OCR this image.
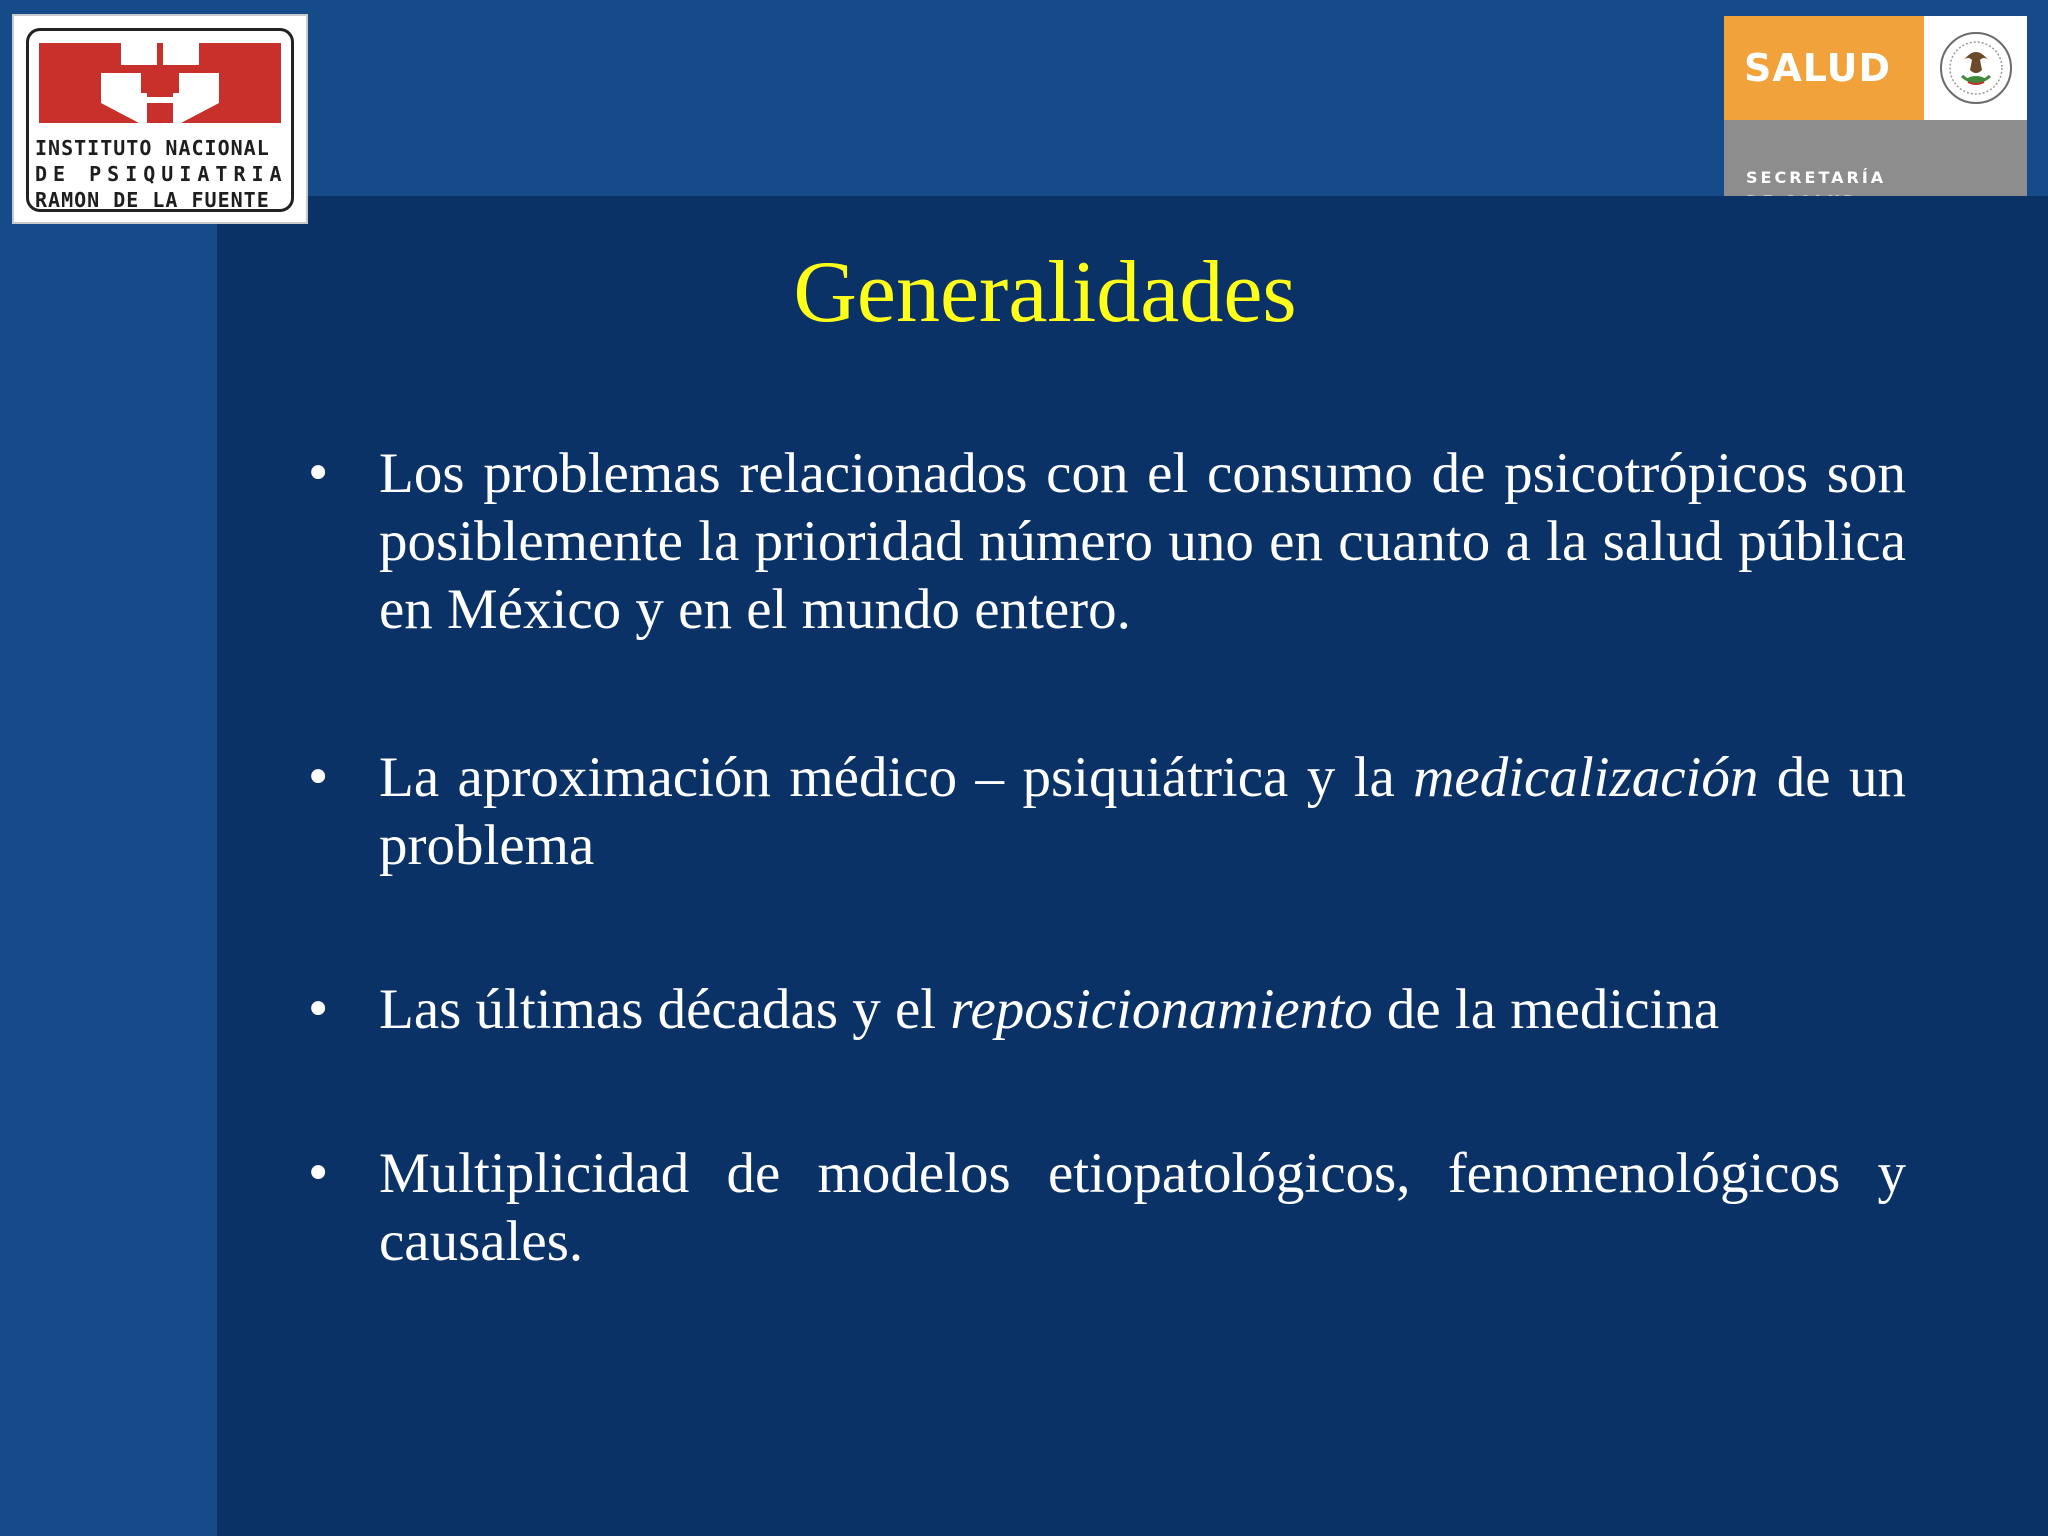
SALUD
SECRETARÍA
INSTITUTO NACIONAL
DE PSIQUIATRIA
RAMON DE LA FUENTE
Generalidades
• Los problemas relacionados con el consumo de psicotrópicos son posiblemente la prioridad número uno en cuanto a la salud pública en México y en el mundo entero.
• La aproximación médico – psiquiátrica y la medicalización de un problema
• Las últimas décadas y el reposicionamiento de la medicina
• Multiplicidad de modelos etiopatológicos, fenomenológicos y causales.
